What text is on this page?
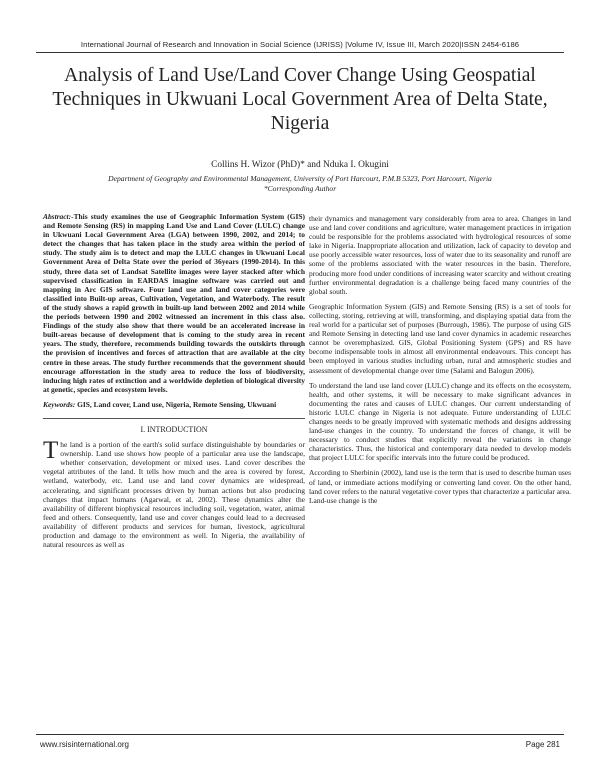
International Journal of Research and Innovation in Social Science (IJRISS) |Volume IV, Issue III, March 2020|ISSN 2454-6186
Analysis of Land Use/Land Cover Change Using Geospatial Techniques in Ukwuani Local Government Area of Delta State, Nigeria
Collins H. Wizor (PhD)* and Nduka I. Okugini
Department of Geography and Environmental Management, University of Port Harcourt, P.M.B 5323, Port Harcourt, Nigeria
*Corresponding Author
Abstract:-This study examines the use of Geographic Information System (GIS) and Remote Sensing (RS) in mapping Land Use and Land Cover (LULC) change in Ukwuani Local Government Area (LGA) between 1990, 2002, and 2014; to detect the changes that has taken place in the study area within the period of study. The study aim is to detect and map the LULC changes in Ukwuani Local Government Area of Delta State over the period of 36years (1990-2014). In this study, three data set of Landsat Satellite images were layer stacked after which supervised classification in EARDAS imagine software was carried out and mapping in Arc GIS software. Four land use and land cover categories were classified into Built-up areas, Cultivation, Vegetation, and Waterbody. The result of the study shows a rapid growth in built-up land between 2002 and 2014 while the periods between 1990 and 2002 witnessed an increment in this class also. Findings of the study also show that there would be an accelerated increase in built-areas because of development that is coming to the study area in recent years. The study, therefore, recommends building towards the outskirts through the provision of incentives and forces of attraction that are available at the city centre in these areas. The study further recommends that the government should encourage afforestation in the study area to reduce the loss of biodiversity, inducing high rates of extinction and a worldwide depletion of biological diversity at genetic, species and ecosystem levels.
Keywords: GIS, Land cover, Land use, Nigeria, Remote Sensing, Ukwuani
I. INTRODUCTION

The land is a portion of the earth's solid surface distinguishable by boundaries or ownership. Land use shows how people of a particular area use the landscape, whether conservation, development or mixed uses. Land cover describes the vegetal attributes of the land. It tells how much and the area is covered by forest, wetland, waterbody, etc. Land use and land cover dynamics are widespread, accelerating, and significant processes driven by human actions but also producing changes that impact humans (Agarwal, et al, 2002). These dynamics alter the availability of different biophysical resources including soil, vegetation, water, animal feed and others. Consequently, land use and cover changes could lead to a decreased availability of different products and services for human, livestock, agricultural production and damage to the environment as well. In Nigeria, the availability of natural resources as well as

their dynamics and management vary considerably from area to area. Changes in land use and land cover conditions and agriculture, water management practices in irrigation could be responsible for the problems associated with hydrological resources of some lake in Nigeria. Inappropriate allocation and utilization, lack of capacity to develop and use poorly accessible water resources, loss of water due to its seasonality and runoff are some of the problems associated with the water resources in the basin. Therefore, producing more food under conditions of increasing water scarcity and without creating further environmental degradation is a challenge being faced many countries of the global south.

Geographic Information System (GIS) and Remote Sensing (RS) is a set of tools for collecting, storing, retrieving at will, transforming, and displaying spatial data from the real world for a particular set of purposes (Burrough, 1986). The purpose of using GIS and Remote Sensing in detecting land use land cover dynamics in academic researches cannot be overemphasized. GIS, Global Positioning System (GPS) and RS have become indispensable tools in almost all environmental endeavours. This concept has been employed in various studies including urban, rural and atmospheric studies and assessment of developmental change over time (Salami and Balogun 2006).

To understand the land use land cover (LULC) change and its effects on the ecosystem, health, and other systems, it will be necessary to make significant advances in documenting the rates and causes of LULC changes. Our current understanding of historic LULC change in Nigeria is not adequate. Future understanding of LULC changes needs to be greatly improved with systematic methods and designs addressing land-use changes in the country. To understand the forces of change, it will be necessary to conduct studies that explicitly reveal the variations in change characteristics. Thus, the historical and contemporary data needed to develop models that project LULC for specific intervals into the future could be produced.

According to Sherbinin (2002), land use is the term that is used to describe human uses of land, or immediate actions modifying or converting land cover. On the other hand, land cover refers to the natural vegetative cover types that characterize a particular area. Land-use change is the

www.rsisinternational.org	Page 281
